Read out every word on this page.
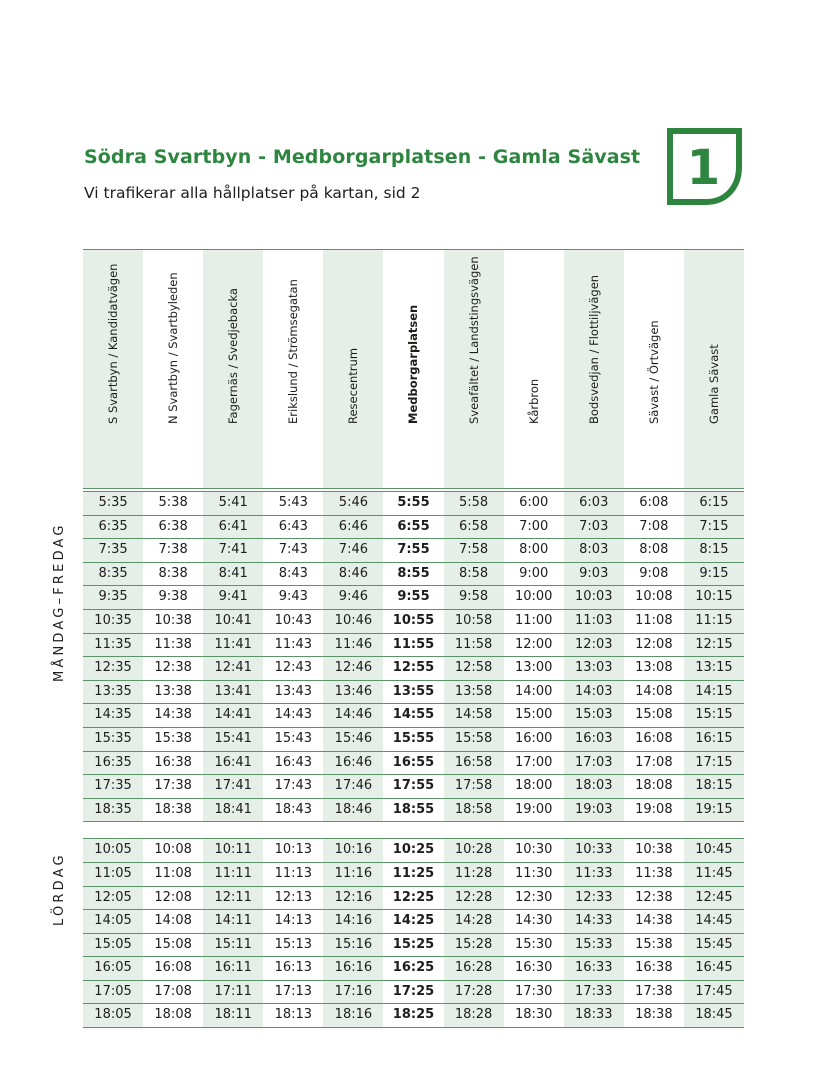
Södra Svartbyn - Medborgarplatsen - Gamla Sävast

Vi trafikerar alla hållplatser på kartan, sid 2	1
S Svartbyn / Kandidatvägen	N Svartbyn / Svartbyleden	Fagernäs / Svedjebacka	Erikslund / Strömsegatan	Resecentrum	Medborgarplatsen	Sveafältet / Landstingsvägen	Kårbron	Bodsvedjan / Flottiljvägen	Sävast / Örtvägen	Gamla Sävast
5:35	5:38	5:41	5:43	5:46	5:55	5:58	6:00	6:03	6:08	6:15
6:35	6:38	6:41	6:43	6:46	6:55	6:58	7:00	7:03	7:08	7:15
7:35	7:38	7:41	7:43	7:46	7:55	7:58	8:00	8:03	8:08	8:15
8:35	8:38	8:41	8:43	8:46	8:55	8:58	9:00	9:03	9:08	9:15
9:35	9:38	9:41	9:43	9:46	9:55	9:58	10:00	10:03	10:08	10:15
10:35	10:38	10:41	10:43	10:46	10:55	10:58	11:00	11:03	11:08	11:15
11:35	11:38	11:41	11:43	11:46	11:55	11:58	12:00	12:03	12:08	12:15
12:35	12:38	12:41	12:43	12:46	12:55	12:58	13:00	13:03	13:08	13:15
13:35	13:38	13:41	13:43	13:46	13:55	13:58	14:00	14:03	14:08	14:15
14:35	14:38	14:41	14:43	14:46	14:55	14:58	15:00	15:03	15:08	15:15
15:35	15:38	15:41	15:43	15:46	15:55	15:58	16:00	16:03	16:08	16:15
16:35	16:38	16:41	16:43	16:46	16:55	16:58	17:00	17:03	17:08	17:15
17:35	17:38	17:41	17:43	17:46	17:55	17:58	18:00	18:03	18:08	18:15
18:35	18:38	18:41	18:43	18:46	18:55	18:58	19:00	19:03	19:08	19:15
10:05	10:08	10:11	10:13	10:16	10:25	10:28	10:30	10:33	10:38	10:45
11:05	11:08	11:11	11:13	11:16	11:25	11:28	11:30	11:33	11:38	11:45
12:05	12:08	12:11	12:13	12:16	12:25	12:28	12:30	12:33	12:38	12:45
14:05	14:08	14:11	14:13	14:16	14:25	14:28	14:30	14:33	14:38	14:45
15:05	15:08	15:11	15:13	15:16	15:25	15:28	15:30	15:33	15:38	15:45
16:05	16:08	16:11	16:13	16:16	16:25	16:28	16:30	16:33	16:38	16:45
17:05	17:08	17:11	17:13	17:16	17:25	17:28	17:30	17:33	17:38	17:45
18:05	18:08	18:11	18:13	18:16	18:25	18:28	18:30	18:33	18:38	18:45
MÅNDAG–FREDAG
LÖRDAG
